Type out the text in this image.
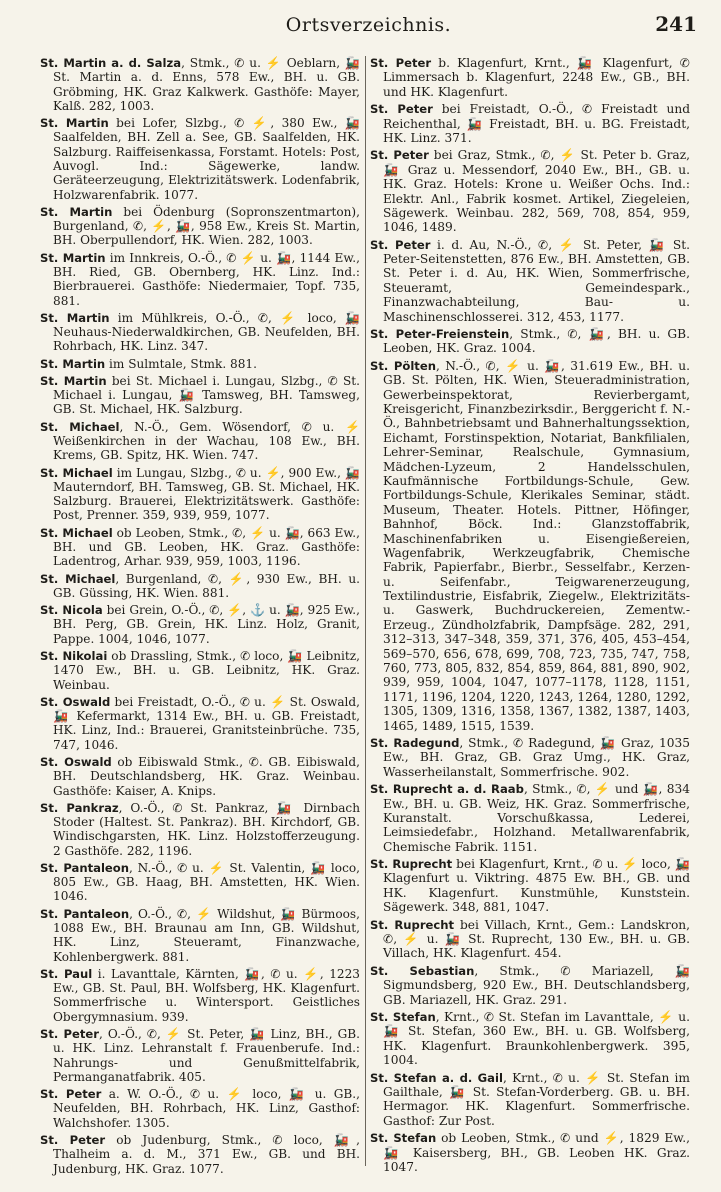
Ortsverzeichnis.	241

St. Martin a. d. Salza, Stmk., ✆ u. ⚡ Oeblarn, 🚂 St. Martin a. d. Enns, 578 Ew., BH. u. GB. Gröbming, HK. Graz Kalkwerk. Gasthöfe: Mayer, Kalß. 282, 1003.

St. Martin bei Lofer, Slzbg., ✆ ⚡, 380 Ew., 🚂 Saalfelden, BH. Zell a. See, GB. Saalfelden, HK. Salzburg. Raiffeisenkassa, Forstamt. Hotels: Post, Auvogl. Ind.: Sägewerke, landw. Geräteerzeugung, Elektrizitätswerk. Lodenfabrik, Holzwarenfabrik. 1077.

St. Martin bei Ödenburg (Sopronszentmarton), Burgenland, ✆, ⚡, 🚂, 958 Ew., Kreis St. Martin, BH. Oberpullendorf, HK. Wien. 282, 1003.

St. Martin im Innkreis, O.-Ö., ✆ ⚡ u. 🚂, 1144 Ew., BH. Ried, GB. Obernberg, HK. Linz. Ind.: Bierbrauerei. Gasthöfe: Niedermaier, Topf. 735, 881.

St. Martin im Mühlkreis, O.-Ö., ✆, ⚡ loco, 🚂 Neuhaus-Niederwaldkirchen, GB. Neufelden, BH. Rohrbach, HK. Linz. 347.

St. Martin im Sulmtale, Stmk. 881.

St. Martin bei St. Michael i. Lungau, Slzbg., ✆ St. Michael i. Lungau, 🚂 Tamsweg, BH. Tamsweg, GB. St. Michael, HK. Salzburg.

St. Michael, N.-Ö., Gem. Wösendorf, ✆ u. ⚡ Weißenkirchen in der Wachau, 108 Ew., BH. Krems, GB. Spitz, HK. Wien. 747.

St. Michael im Lungau, Slzbg., ✆ u. ⚡, 900 Ew., 🚂 Mauterndorf, BH. Tamsweg, GB. St. Michael, HK. Salzburg. Brauerei, Elektrizitätswerk. Gasthöfe: Post, Prenner. 359, 939, 959, 1077.

St. Michael ob Leoben, Stmk., ✆, ⚡ u. 🚂, 663 Ew., BH. und GB. Leoben, HK. Graz. Gasthöfe: Ladentrog, Arhar. 939, 959, 1003, 1196.

St. Michael, Burgenland, ✆, ⚡, 930 Ew., BH. u. GB. Güssing, HK. Wien. 881.

St. Nicola bei Grein, O.-Ö., ✆, ⚡, ⚓ u. 🚂, 925 Ew., BH. Perg, GB. Grein, HK. Linz. Holz, Granit, Pappe. 1004, 1046, 1077.

St. Nikolai ob Drassling, Stmk., ✆ loco, 🚂 Leibnitz, 1470 Ew., BH. u. GB. Leibnitz, HK. Graz. Weinbau.

St. Oswald bei Freistadt, O.-Ö., ✆ u. ⚡ St. Oswald, 🚂 Kefermarkt, 1314 Ew., BH. u. GB. Freistadt, HK. Linz, Ind.: Brauerei, Granitsteinbrüche. 735, 747, 1046.

St. Oswald ob Eibiswald Stmk., ✆. GB. Eibiswald, BH. Deutschlandsberg, HK. Graz. Weinbau. Gasthöfe: Kaiser, A. Knips.

St. Pankraz, O.-Ö., ✆ St. Pankraz, 🚂 Dirnbach Stoder (Haltest. St. Pankraz). BH. Kirchdorf, GB. Windischgarsten, HK. Linz. Holzstofferzeugung. 2 Gasthöfe. 282, 1196.

St. Pantaleon, N.-Ö., ✆ u. ⚡ St. Valentin, 🚂 loco, 805 Ew., GB. Haag, BH. Amstetten, HK. Wien. 1046.

St. Pantaleon, O.-Ö., ✆, ⚡ Wildshut, 🚂 Bürmoos, 1088 Ew., BH. Braunau am Inn, GB. Wildshut, HK. Linz, Steueramt, Finanzwache, Kohlenbergwerk. 881.

St. Paul i. Lavanttale, Kärnten, 🚂, ✆ u. ⚡, 1223 Ew., GB. St. Paul, BH. Wolfsberg, HK. Klagenfurt. Sommerfrische u. Wintersport. Geistliches Obergymnasium. 939.

St. Peter, O.-Ö., ✆, ⚡ St. Peter, 🚂 Linz, BH., GB. u. HK. Linz. Lehranstalt f. Frauenberufe. Ind.: Nahrungs- und Genußmittelfabrik, Permanganatfabrik. 405.

St. Peter a. W. O.-Ö., ✆ u. ⚡ loco, 🚂 u. GB., Neufelden, BH. Rohrbach, HK. Linz, Gasthof: Walchshofer. 1305.

St. Peter ob Judenburg, Stmk., ✆ loco, 🚂, Thalheim a. d. M., 371 Ew., GB. und BH. Judenburg, HK. Graz. 1077.

St. Peter b. Klagenfurt, Krnt., 🚂 Klagenfurt, ✆ Limmersach b. Klagenfurt, 2248 Ew., GB., BH. und HK. Klagenfurt.

St. Peter bei Freistadt, O.-Ö., ✆ Freistadt und Reichenthal, 🚂 Freistadt, BH. u. BG. Freistadt, HK. Linz. 371.

St. Peter bei Graz, Stmk., ✆, ⚡ St. Peter b. Graz, 🚂 Graz u. Messendorf, 2040 Ew., BH., GB. u. HK. Graz. Hotels: Krone u. Weißer Ochs. Ind.: Elektr. Anl., Fabrik kosmet. Artikel, Ziegeleien, Sägewerk. Weinbau. 282, 569, 708, 854, 959, 1046, 1489.

St. Peter i. d. Au, N.-Ö., ✆, ⚡ St. Peter, 🚂 St. Peter-Seitenstetten, 876 Ew., BH. Amstetten, GB. St. Peter i. d. Au, HK. Wien, Sommerfrische, Steueramt, Gemeindespark., Finanzwachabteilung, Bau- u. Maschinenschlosserei. 312, 453, 1177.

St. Peter-Freienstein, Stmk., ✆, 🚂, BH. u. GB. Leoben, HK. Graz. 1004.

St. Pölten, N.-Ö., ✆, ⚡ u. 🚂, 31.619 Ew., BH. u. GB. St. Pölten, HK. Wien, Steueradministration, Gewerbeinspektorat, Revierbergamt, Kreisgericht, Finanzbezirksdir., Berggericht f. N.-Ö., Bahnbetriebsamt und Bahnerhaltungssektion, Eichamt, Forstinspektion, Notariat, Bankfilialen, Lehrer-Seminar, Realschule, Gymnasium, Mädchen-Lyzeum, 2 Handelsschulen, Kaufmännische Fortbildungs-Schule, Gew. Fortbildungs-Schule, Klerikales Seminar, städt. Museum, Theater. Hotels. Pittner, Höfinger, Bahnhof, Böck. Ind.: Glanzstoffabrik, Maschinenfabriken u. Eisengießereien, Wagenfabrik, Werkzeugfabrik, Chemische Fabrik, Papierfabr., Bierbr., Sesselfabr., Kerzen- u. Seifenfabr., Teigwarenerzeugung, Textilindustrie, Eisfabrik, Ziegelw., Elektrizitäts- u. Gaswerk, Buchdruckereien, Zementw.-Erzeug., Zündholzfabrik, Dampfsäge. 282, 291, 312–313, 347–348, 359, 371, 376, 405, 453–454, 569–570, 656, 678, 699, 708, 723, 735, 747, 758, 760, 773, 805, 832, 854, 859, 864, 881, 890, 902, 939, 959, 1004, 1047, 1077–1178, 1128, 1151, 1171, 1196, 1204, 1220, 1243, 1264, 1280, 1292, 1305, 1309, 1316, 1358, 1367, 1382, 1387, 1403, 1465, 1489, 1515, 1539.

St. Radegund, Stmk., ✆ Radegund, 🚂 Graz, 1035 Ew., BH. Graz, GB. Graz Umg., HK. Graz, Wasserheilanstalt, Sommerfrische. 902.

St. Ruprecht a. d. Raab, Stmk., ✆, ⚡ und 🚂, 834 Ew., BH. u. GB. Weiz, HK. Graz. Sommerfrische, Kuranstalt. Vorschußkassa, Lederei, Leimsiedefabr., Holzhand. Metallwarenfabrik, Chemische Fabrik. 1151.

St. Ruprecht bei Klagenfurt, Krnt., ✆ u. ⚡ loco, 🚂 Klagenfurt u. Viktring. 4875 Ew. BH., GB. und HK. Klagenfurt. Kunstmühle, Kunststein. Sägewerk. 348, 881, 1047.

St. Ruprecht bei Villach, Krnt., Gem.: Landskron, ✆, ⚡ u. 🚂 St. Ruprecht, 130 Ew., BH. u. GB. Villach, HK. Klagenfurt. 454.

St. Sebastian, Stmk., ✆ Mariazell, 🚂 Sigmundsberg, 920 Ew., BH. Deutschlandsberg, GB. Mariazell, HK. Graz. 291.

St. Stefan, Krnt., ✆ St. Stefan im Lavanttale, ⚡ u. 🚂 St. Stefan, 360 Ew., BH. u. GB. Wolfsberg, HK. Klagenfurt. Braunkohlenbergwerk. 395, 1004.

St. Stefan a. d. Gail, Krnt., ✆ u. ⚡ St. Stefan im Gailthale, 🚂 St. Stefan-Vorderberg. GB. u. BH. Hermagor. HK. Klagenfurt. Sommerfrische. Gasthof: Zur Post.

St. Stefan ob Leoben, Stmk., ✆ und ⚡, 1829 Ew., 🚂 Kaisersberg, BH., GB. Leoben HK. Graz. 1047.
